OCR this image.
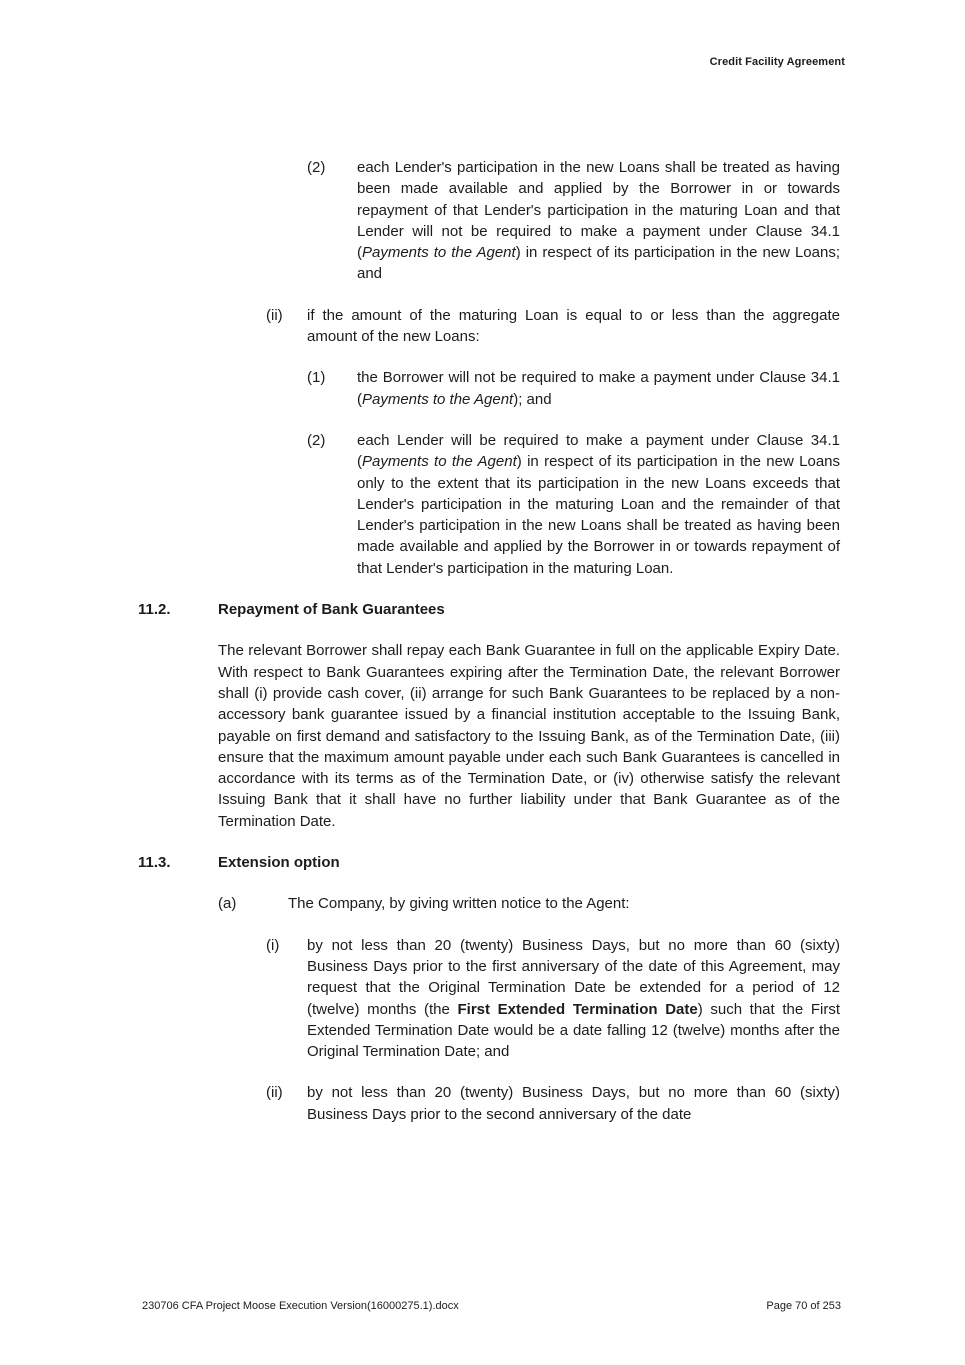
Credit Facility Agreement
(2)	each Lender's participation in the new Loans shall be treated as having been made available and applied by the Borrower in or towards repayment of that Lender's participation in the maturing Loan and that Lender will not be required to make a payment under Clause 34.1 (Payments to the Agent) in respect of its participation in the new Loans; and
(ii)	if the amount of the maturing Loan is equal to or less than the aggregate amount of the new Loans:
(1)	the Borrower will not be required to make a payment under Clause 34.1 (Payments to the Agent); and
(2)	each Lender will be required to make a payment under Clause 34.1 (Payments to the Agent) in respect of its participation in the new Loans only to the extent that its participation in the new Loans exceeds that Lender's participation in the maturing Loan and the remainder of that Lender's participation in the new Loans shall be treated as having been made available and applied by the Borrower in or towards repayment of that Lender's participation in the maturing Loan.
11.2.	Repayment of Bank Guarantees
The relevant Borrower shall repay each Bank Guarantee in full on the applicable Expiry Date. With respect to Bank Guarantees expiring after the Termination Date, the relevant Borrower shall (i) provide cash cover, (ii) arrange for such Bank Guarantees to be replaced by a non-accessory bank guarantee issued by a financial institution acceptable to the Issuing Bank, payable on first demand and satisfactory to the Issuing Bank, as of the Termination Date, (iii) ensure that the maximum amount payable under each such Bank Guarantees is cancelled in accordance with its terms as of the Termination Date, or (iv) otherwise satisfy the relevant Issuing Bank that it shall have no further liability under that Bank Guarantee as of the Termination Date.
11.3.	Extension option
(a)	The Company, by giving written notice to the Agent:
(i)	by not less than 20 (twenty) Business Days, but no more than 60 (sixty) Business Days prior to the first anniversary of the date of this Agreement, may request that the Original Termination Date be extended for a period of 12 (twelve) months (the First Extended Termination Date) such that the First Extended Termination Date would be a date falling 12 (twelve) months after the Original Termination Date; and
(ii)	by not less than 20 (twenty) Business Days, but no more than 60 (sixty) Business Days prior to the second anniversary of the date
230706 CFA Project Moose Execution Version(16000275.1).docx	Page 70 of 253
